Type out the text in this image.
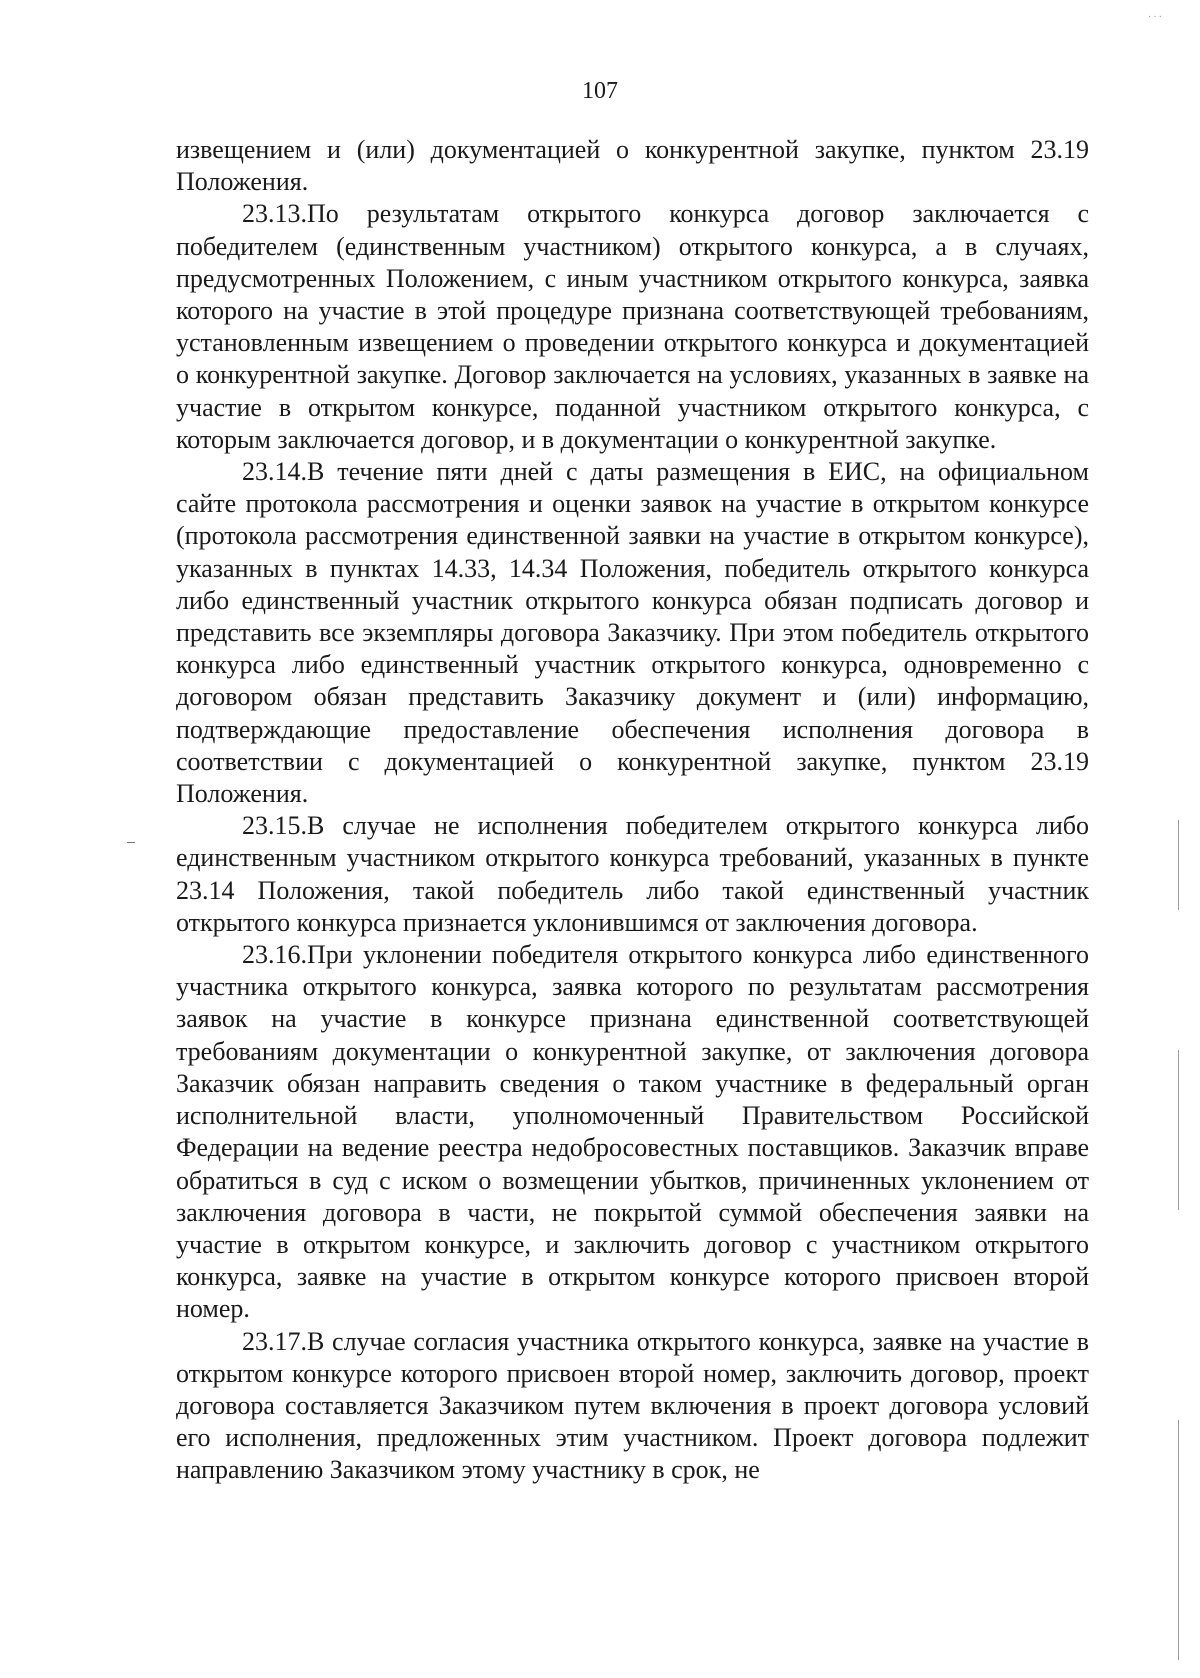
···
107

извещением и (или) документацией о конкурентной закупке, пунктом 23.19 Положения.

23.13.По результатам открытого конкурса договор заключается с победителем (единственным участником) открытого конкурса, а в случаях, предусмотренных Положением, с иным участником открытого конкурса, заявка которого на участие в этой процедуре признана соответствующей требованиям, установленным извещением о проведении открытого конкурса и документацией о конкурентной закупке. Договор заключается на условиях, указанных в заявке на участие в открытом конкурсе, поданной участником открытого конкурса, с которым заключается договор, и в документации о конкурентной закупке.

23.14.В течение пяти дней с даты размещения в ЕИС, на официальном сайте протокола рассмотрения и оценки заявок на участие в открытом конкурсе (протокола рассмотрения единственной заявки на участие в открытом конкурсе), указанных в пунктах 14.33, 14.34 Положения, победитель открытого конкурса либо единственный участник открытого конкурса обязан подписать договор и представить все экземпляры договора Заказчику. При этом победитель открытого конкурса либо единственный участник открытого конкурса, одновременно с договором обязан представить Заказчику документ и (или) информацию, подтверждающие предоставление обеспечения исполнения договора в соответствии с документацией о конкурентной закупке, пунктом 23.19 Положения.

23.15.В случае не исполнения победителем открытого конкурса либо единственным участником открытого конкурса требований, указанных в пункте 23.14 Положения, такой победитель либо такой единственный участник открытого конкурса признается уклонившимся от заключения договора.

23.16.При уклонении победителя открытого конкурса либо единственного участника открытого конкурса, заявка которого по результатам рассмотрения заявок на участие в конкурсе признана единственной соответствующей требованиям документации о конкурентной закупке, от заключения договора Заказчик обязан направить сведения о таком участнике в федеральный орган исполнительной власти, уполномоченный Правительством Российской Федерации на ведение реестра недобросовестных поставщиков. Заказчик вправе обратиться в суд с иском о возмещении убытков, причиненных уклонением от заключения договора в части, не покрытой суммой обеспечения заявки на участие в открытом конкурсе, и заключить договор с участником открытого конкурса, заявке на участие в открытом конкурсе которого присвоен второй номер.

23.17.В случае согласия участника открытого конкурса, заявке на участие в открытом конкурсе которого присвоен второй номер, заключить договор, проект договора составляется Заказчиком путем включения в проект договора условий его исполнения, предложенных этим участником. Проект договора подлежит направлению Заказчиком этому участнику в срок, не
